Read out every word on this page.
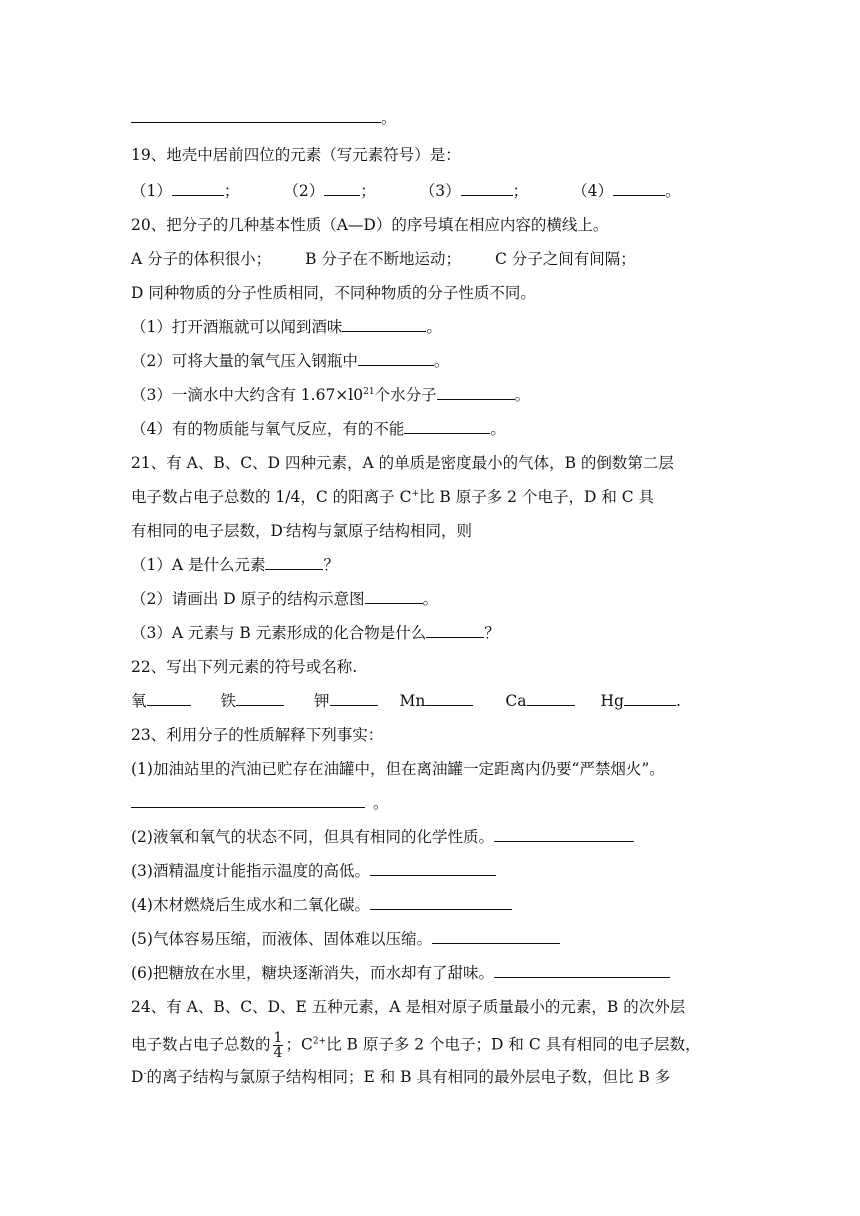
。
19、地壳中居前四位的元素（写元素符号）是：
（1）	；	（2） ；	（3）	；	（4）	。
20、把分子的几种基本性质（A—D）的序号填在相应内容的横线上。
A 分子的体积很小； B 分子在不断地运动； C 分子之间有间隔；
D 同种物质的分子性质相同，不同种物质的分子性质不同。
（1）打开酒瓶就可以闻到酒味	。
（2）可将大量的氧气压入钢瓶中	。
（3）一滴水中大约含有 $1.67\times l0^{21}$个水分子	。
（4）有的物质能与氧气反应，有的不能	。
21、有 A、B、C、D 四种元素，A 的单质是密度最小的气体，B 的倒数第二层
电子数占电子总数的 1/4，C 的阳离子 C+比 B 原子多 2 个电子，D 和 C 具
有相同的电子层数，D-结构与氯原子结构相同，则
（1）A 是什么元素	？
（2）请画出 D 原子的结构示意图	。
（3）A 元素与 B 元素形成的化合物是什么	？
22、写出下列元素的符号或名称.
氧	铁	钾	Mn	Ca	Hg	.
23、利用分子的性质解释下列事实：
(1)加油站里的汽油已贮存在油罐中，但在离油罐一定距离内仍要“严禁烟火”。
。
(2)液氧和氧气的状态不同，但具有相同的化学性质。
(3)酒精温度计能指示温度的高低。
(4)木材燃烧后生成水和二氧化碳。
(5)气体容易压缩，而液体、固体难以压缩。
(6)把糖放在水里，糖块逐渐消失，而水却有了甜味。
24、有 A、B、C、D、E 五种元素，A 是相对原子质量最小的元素，B 的次外层
电子数占电子总数的 $\frac{1}{4}$ ；$C^{2+}$比 B 原子多 2 个电子；D 和 C 具有相同的电子层数，
D-的离子结构与氯原子结构相同；E 和 B 具有相同的最外层电子数，但比 B 多
